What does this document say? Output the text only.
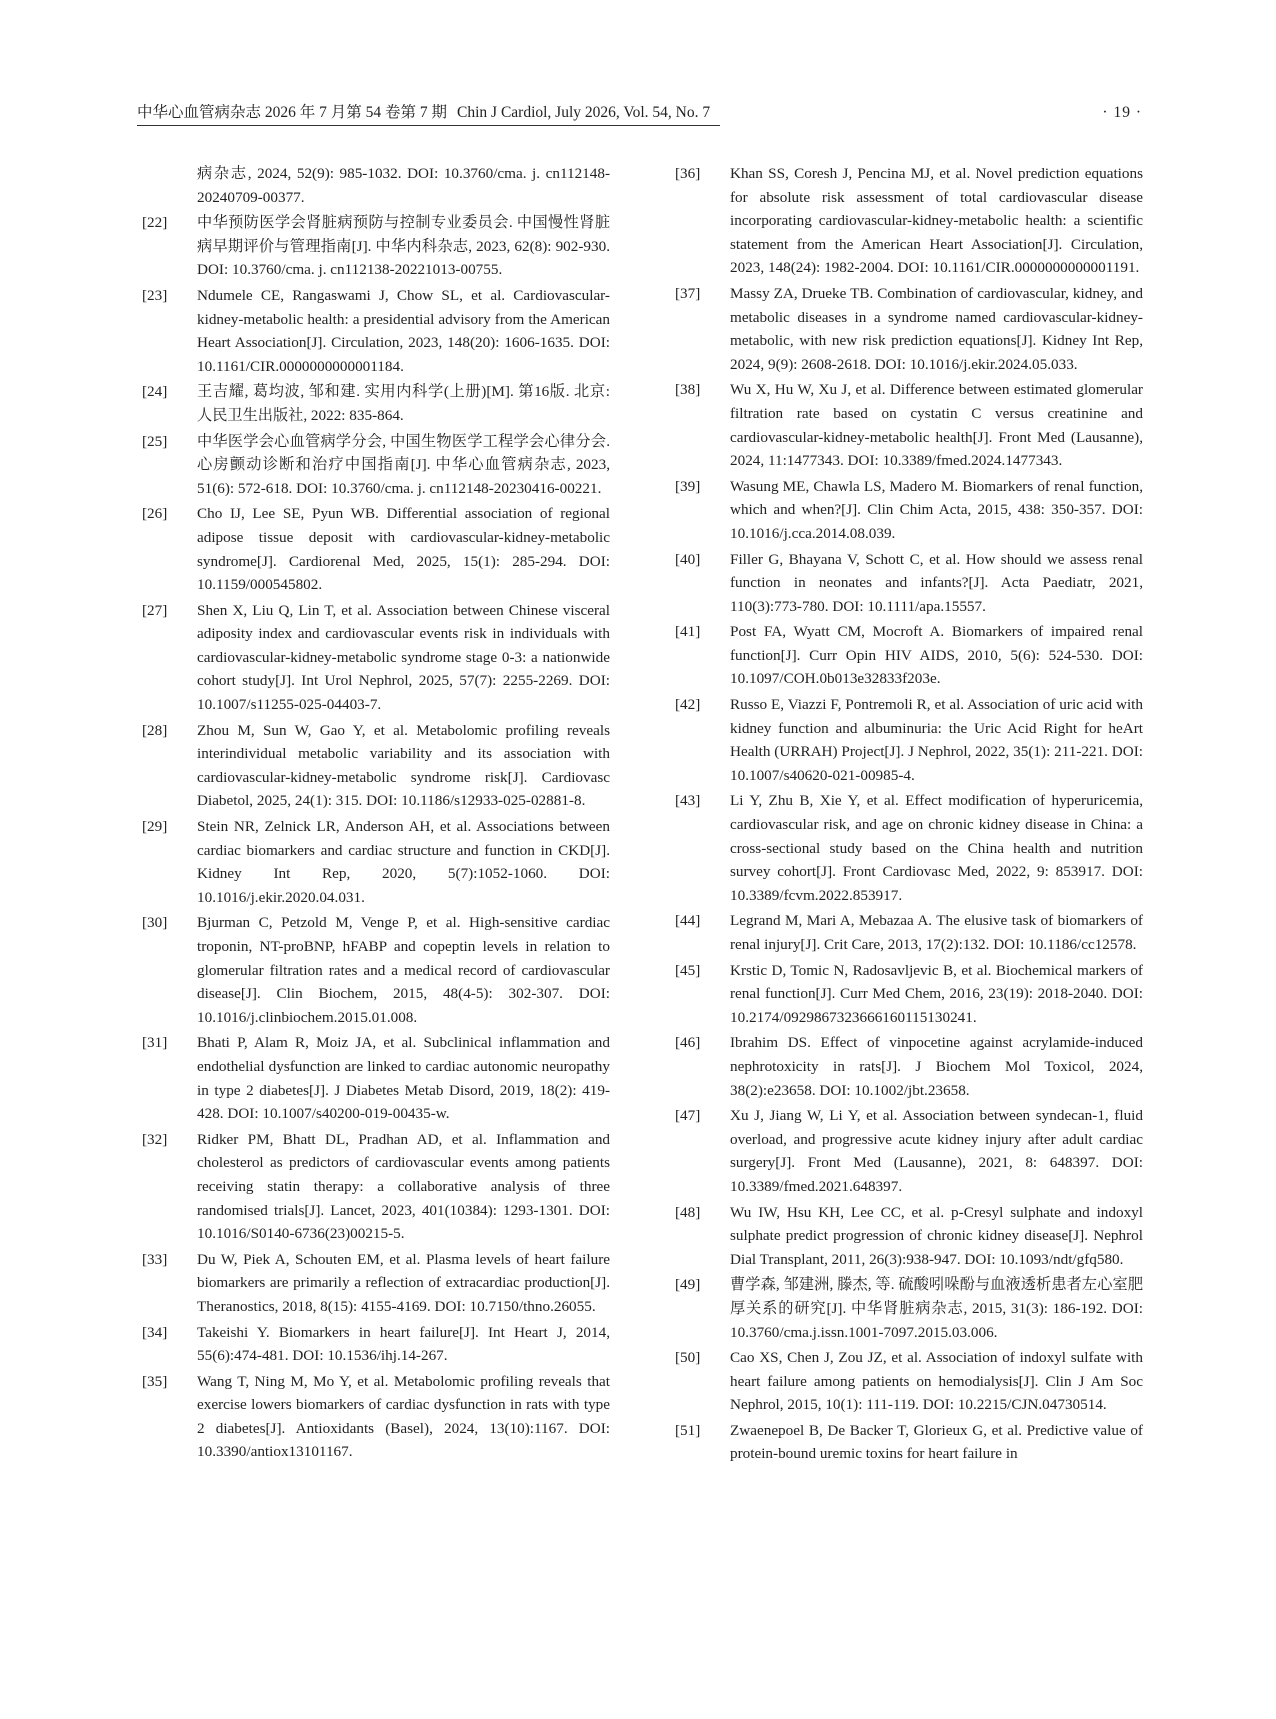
中华心血管病杂志 2026 年 7 月第 54 卷第 7 期 Chin J Cardiol, July 2026, Vol. 54, No. 7	· 19 ·
病杂志, 2024, 52(9): 985-1032. DOI: 10.3760/cma. j. cn112148-20240709-00377.
[22] 中华预防医学会肾脏病预防与控制专业委员会. 中国慢性肾脏病早期评价与管理指南[J]. 中华内科杂志, 2023, 62(8): 902-930. DOI: 10.3760/cma. j. cn112138-20221013-00755.
[23] Ndumele CE, Rangaswami J, Chow SL, et al. Cardiovascular-kidney-metabolic health: a presidential advisory from the American Heart Association[J]. Circulation, 2023, 148(20): 1606-1635. DOI: 10.1161/CIR.0000000000001184.
[24] 王吉耀, 葛均波, 邹和建. 实用内科学(上册)[M]. 第16版. 北京: 人民卫生出版社, 2022: 835-864.
[25] 中华医学会心血管病学分会, 中国生物医学工程学会心律分会. 心房颤动诊断和治疗中国指南[J]. 中华心血管病杂志, 2023, 51(6): 572-618. DOI: 10.3760/cma. j. cn112148-20230416-00221.
[26] Cho IJ, Lee SE, Pyun WB. Differential association of regional adipose tissue deposit with cardiovascular-kidney-metabolic syndrome[J]. Cardiorenal Med, 2025, 15(1): 285-294. DOI: 10.1159/000545802.
[27] Shen X, Liu Q, Lin T, et al. Association between Chinese visceral adiposity index and cardiovascular events risk in individuals with cardiovascular-kidney-metabolic syndrome stage 0-3: a nationwide cohort study[J]. Int Urol Nephrol, 2025, 57(7): 2255-2269. DOI: 10.1007/s11255-025-04403-7.
[28] Zhou M, Sun W, Gao Y, et al. Metabolomic profiling reveals interindividual metabolic variability and its association with cardiovascular-kidney-metabolic syndrome risk[J]. Cardiovasc Diabetol, 2025, 24(1): 315. DOI: 10.1186/s12933-025-02881-8.
[29] Stein NR, Zelnick LR, Anderson AH, et al. Associations between cardiac biomarkers and cardiac structure and function in CKD[J]. Kidney Int Rep, 2020, 5(7):1052-1060. DOI: 10.1016/j.ekir.2020.04.031.
[30] Bjurman C, Petzold M, Venge P, et al. High-sensitive cardiac troponin, NT-proBNP, hFABP and copeptin levels in relation to glomerular filtration rates and a medical record of cardiovascular disease[J]. Clin Biochem, 2015, 48(4-5): 302-307. DOI: 10.1016/j.clinbiochem.2015.01.008.
[31] Bhati P, Alam R, Moiz JA, et al. Subclinical inflammation and endothelial dysfunction are linked to cardiac autonomic neuropathy in type 2 diabetes[J]. J Diabetes Metab Disord, 2019, 18(2): 419-428. DOI: 10.1007/s40200-019-00435-w.
[32] Ridker PM, Bhatt DL, Pradhan AD, et al. Inflammation and cholesterol as predictors of cardiovascular events among patients receiving statin therapy: a collaborative analysis of three randomised trials[J]. Lancet, 2023, 401(10384): 1293-1301. DOI: 10.1016/S0140-6736(23)00215-5.
[33] Du W, Piek A, Schouten EM, et al. Plasma levels of heart failure biomarkers are primarily a reflection of extracardiac production[J]. Theranostics, 2018, 8(15): 4155-4169. DOI: 10.7150/thno.26055.
[34] Takeishi Y. Biomarkers in heart failure[J]. Int Heart J, 2014, 55(6):474-481. DOI: 10.1536/ihj.14-267.
[35] Wang T, Ning M, Mo Y, et al. Metabolomic profiling reveals that exercise lowers biomarkers of cardiac dysfunction in rats with type 2 diabetes[J]. Antioxidants (Basel), 2024, 13(10):1167. DOI: 10.3390/antiox13101167.
[36] Khan SS, Coresh J, Pencina MJ, et al. Novel prediction equations for absolute risk assessment of total cardiovascular disease incorporating cardiovascular-kidney-metabolic health: a scientific statement from the American Heart Association[J]. Circulation, 2023, 148(24): 1982-2004. DOI: 10.1161/CIR.0000000000001191.
[37] Massy ZA, Drueke TB. Combination of cardiovascular, kidney, and metabolic diseases in a syndrome named cardiovascular-kidney-metabolic, with new risk prediction equations[J]. Kidney Int Rep, 2024, 9(9): 2608-2618. DOI: 10.1016/j.ekir.2024.05.033.
[38] Wu X, Hu W, Xu J, et al. Difference between estimated glomerular filtration rate based on cystatin C versus creatinine and cardiovascular-kidney-metabolic health[J]. Front Med (Lausanne), 2024, 11:1477343. DOI: 10.3389/fmed.2024.1477343.
[39] Wasung ME, Chawla LS, Madero M. Biomarkers of renal function, which and when?[J]. Clin Chim Acta, 2015, 438: 350-357. DOI: 10.1016/j.cca.2014.08.039.
[40] Filler G, Bhayana V, Schott C, et al. How should we assess renal function in neonates and infants?[J]. Acta Paediatr, 2021, 110(3):773-780. DOI: 10.1111/apa.15557.
[41] Post FA, Wyatt CM, Mocroft A. Biomarkers of impaired renal function[J]. Curr Opin HIV AIDS, 2010, 5(6): 524-530. DOI: 10.1097/COH.0b013e32833f203e.
[42] Russo E, Viazzi F, Pontremoli R, et al. Association of uric acid with kidney function and albuminuria: the Uric Acid Right for heArt Health (URRAH) Project[J]. J Nephrol, 2022, 35(1): 211-221. DOI: 10.1007/s40620-021-00985-4.
[43] Li Y, Zhu B, Xie Y, et al. Effect modification of hyperuricemia, cardiovascular risk, and age on chronic kidney disease in China: a cross-sectional study based on the China health and nutrition survey cohort[J]. Front Cardiovasc Med, 2022, 9: 853917. DOI: 10.3389/fcvm.2022.853917.
[44] Legrand M, Mari A, Mebazaa A. The elusive task of biomarkers of renal injury[J]. Crit Care, 2013, 17(2):132. DOI: 10.1186/cc12578.
[45] Krstic D, Tomic N, Radosavljevic B, et al. Biochemical markers of renal function[J]. Curr Med Chem, 2016, 23(19): 2018-2040. DOI: 10.2174/0929867323666160115130241.
[46] Ibrahim DS. Effect of vinpocetine against acrylamide-induced nephrotoxicity in rats[J]. J Biochem Mol Toxicol, 2024, 38(2):e23658. DOI: 10.1002/jbt.23658.
[47] Xu J, Jiang W, Li Y, et al. Association between syndecan-1, fluid overload, and progressive acute kidney injury after adult cardiac surgery[J]. Front Med (Lausanne), 2021, 8: 648397. DOI: 10.3389/fmed.2021.648397.
[48] Wu IW, Hsu KH, Lee CC, et al. p-Cresyl sulphate and indoxyl sulphate predict progression of chronic kidney disease[J]. Nephrol Dial Transplant, 2011, 26(3):938-947. DOI: 10.1093/ndt/gfq580.
[49] 曹学森, 邹建洲, 滕杰, 等. 硫酸吲哚酚与血液透析患者左心室肥厚关系的研究[J]. 中华肾脏病杂志, 2015, 31(3): 186-192. DOI: 10.3760/cma.j.issn.1001-7097.2015.03.006.
[50] Cao XS, Chen J, Zou JZ, et al. Association of indoxyl sulfate with heart failure among patients on hemodialysis[J]. Clin J Am Soc Nephrol, 2015, 10(1): 111-119. DOI: 10.2215/CJN.04730514.
[51] Zwaenepoel B, De Backer T, Glorieux G, et al. Predictive value of protein-bound uremic toxins for heart failure in
